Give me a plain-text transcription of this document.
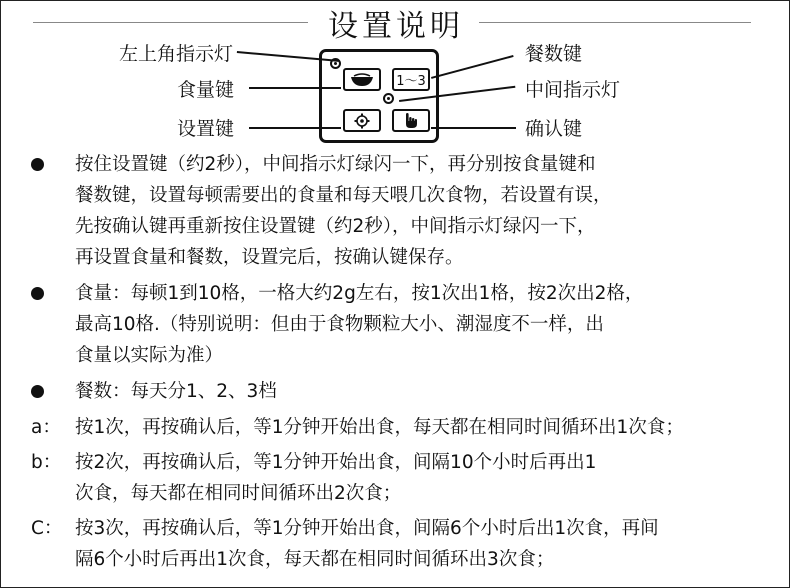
设置说明
1～3
左上角指示灯
食量键
设置键
餐数键
中间指示灯
确认键
按住设置键（约2秒），中间指示灯绿闪一下，再分别按食量键和
餐数键，设置每顿需要出的食量和每天喂几次食物，若设置有误，
先按确认键再重新按住设置键（约2秒），中间指示灯绿闪一下，
再设置食量和餐数，设置完后，按确认键保存。
食量：每顿1到10格，一格大约2g左右，按1次出1格，按2次出2格，
最高10格.（特别说明：但由于食物颗粒大小、潮湿度不一样，出
食量以实际为准）
餐数：每天分1、2、3档
a： 按1次，再按确认后，等1分钟开始出食，每天都在相同时间循环出1次食；
b： 按2次，再按确认后，等1分钟开始出食，间隔10个小时后再出1
次食，每天都在相同时间循环出2次食；
C： 按3次，再按确认后，等1分钟开始出食，间隔6个小时后出1次食，再间
隔6个小时后再出1次食，每天都在相同时间循环出3次食；
